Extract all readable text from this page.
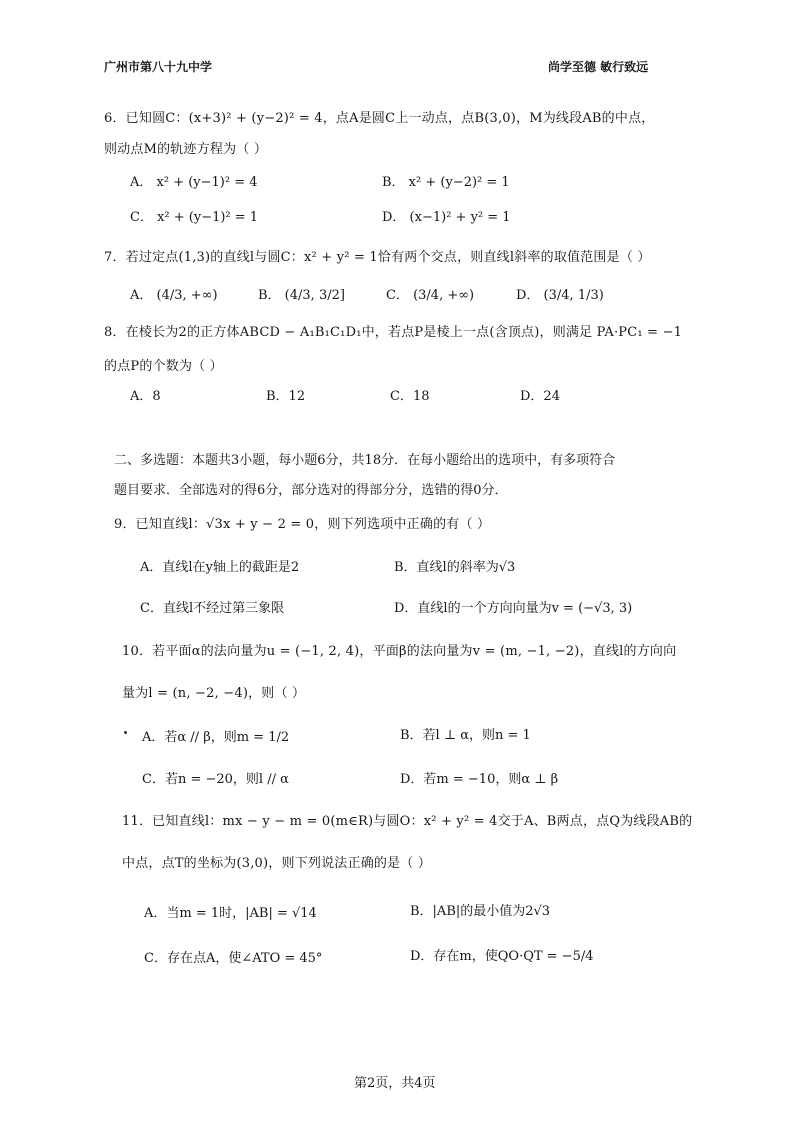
广州市第八十九中学	尚学至德 敏行致远
6．已知圆C：(x+3)² + (y−2)² = 4，点A是圆C上一动点，点B(3,0)，M为线段AB的中点，
则动点M的轨迹方程为（ ）
A． x² + (y−1)² = 4	B． x² + (y−2)² = 1
C． x² + (y−1)² = 1	D． (x−1)² + y² = 1
7．若过定点(1,3)的直线l与圆C：x² + y² = 1恰有两个交点，则直线l斜率的取值范围是（ ）
A． (4/3, +∞)	B． (4/3, 3/2]	C． (3/4, +∞)	D． (3/4, 1/3)
8．在棱长为2的正方体ABCD − A₁B₁C₁D₁中，若点P是棱上一点(含顶点)，则满足 PA·PC₁ = −1
的点P的个数为（ ）
A．8	B．12	C．18	D．24
二、多选题：本题共3小题，每小题6分，共18分．在每小题给出的选项中，有多项符合
题目要求．全部选对的得6分，部分选对的得部分分，选错的得0分．
9．已知直线l：√3x + y − 2 = 0，则下列选项中正确的有（ ）
A．直线l在y轴上的截距是2	B．直线l的斜率为√3
C．直线l不经过第三象限	D．直线l的一个方向向量为v = (−√3, 3)
10．若平面α的法向量为u = (−1, 2, 4)，平面β的法向量为v = (m, −1, −2)，直线l的方向向
量为l = (n, −2, −4)，则（ ）
A．若α // β，则m = 1/2	B．若l ⊥ α，则n = 1
C．若n = −20，则l // α	D．若m = −10，则α ⊥ β
11．已知直线l：mx − y − m = 0(m∈R)与圆O：x² + y² = 4交于A、B两点，点Q为线段AB的
中点，点T的坐标为(3,0)，则下列说法正确的是（ ）
A．当m = 1时，|AB| = √14	B．|AB|的最小值为2√3
C．存在点A，使∠ATO = 45°	D．存在m，使QO·QT = −5/4
第2页，共4页
